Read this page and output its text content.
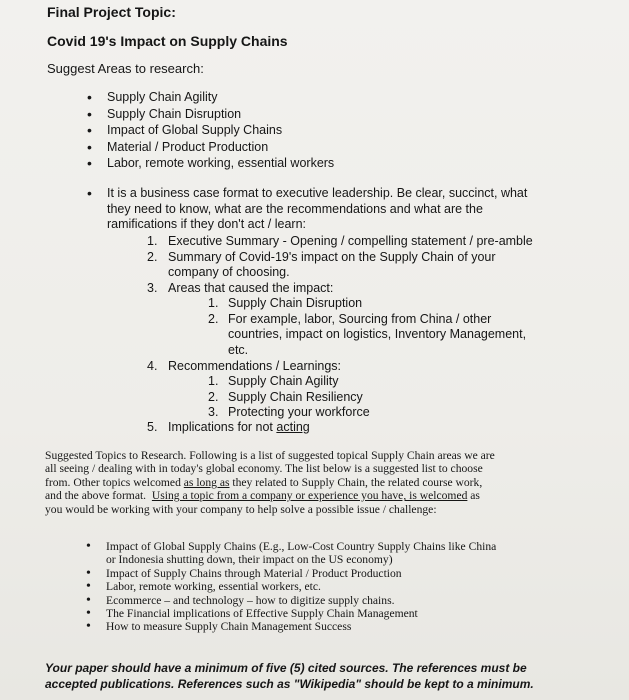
Final Project Topic:
Covid 19's Impact on Supply Chains
Suggest Areas to research:
• Supply Chain Agility
• Supply Chain Disruption
• Impact of Global Supply Chains
• Material / Product Production
• Labor, remote working, essential workers
• It is a business case format to executive leadership. Be clear, succinct, what
they need to know, what are the recommendations and what are the
ramifications if they don't act / learn:
1. Executive Summary - Opening / compelling statement / pre-amble
2. Summary of Covid-19's impact on the Supply Chain of your
company of choosing.
3. Areas that caused the impact:
1. Supply Chain Disruption
2. For example, labor, Sourcing from China / other
countries, impact on logistics, Inventory Management,
etc.
4. Recommendations / Learnings:
1. Supply Chain Agility
2. Supply Chain Resiliency
3. Protecting your workforce
5. Implications for not acting
Suggested Topics to Research. Following is a list of suggested topical Supply Chain areas we are
all seeing / dealing with in today's global economy. The list below is a suggested list to choose
from. Other topics welcomed as long as they related to Supply Chain, the related course work,
and the above format.  Using a topic from a company or experience you have, is welcomed as
you would be working with your company to help solve a possible issue / challenge:
• Impact of Global Supply Chains (E.g., Low-Cost Country Supply Chains like China
or Indonesia shutting down, their impact on the US economy)
• Impact of Supply Chains through Material / Product Production
• Labor, remote working, essential workers, etc.
• Ecommerce – and technology – how to digitize supply chains.
• The Financial implications of Effective Supply Chain Management
• How to measure Supply Chain Management Success
Your paper should have a minimum of five (5) cited sources. The references must be
accepted publications. References such as "Wikipedia" should be kept to a minimum.
